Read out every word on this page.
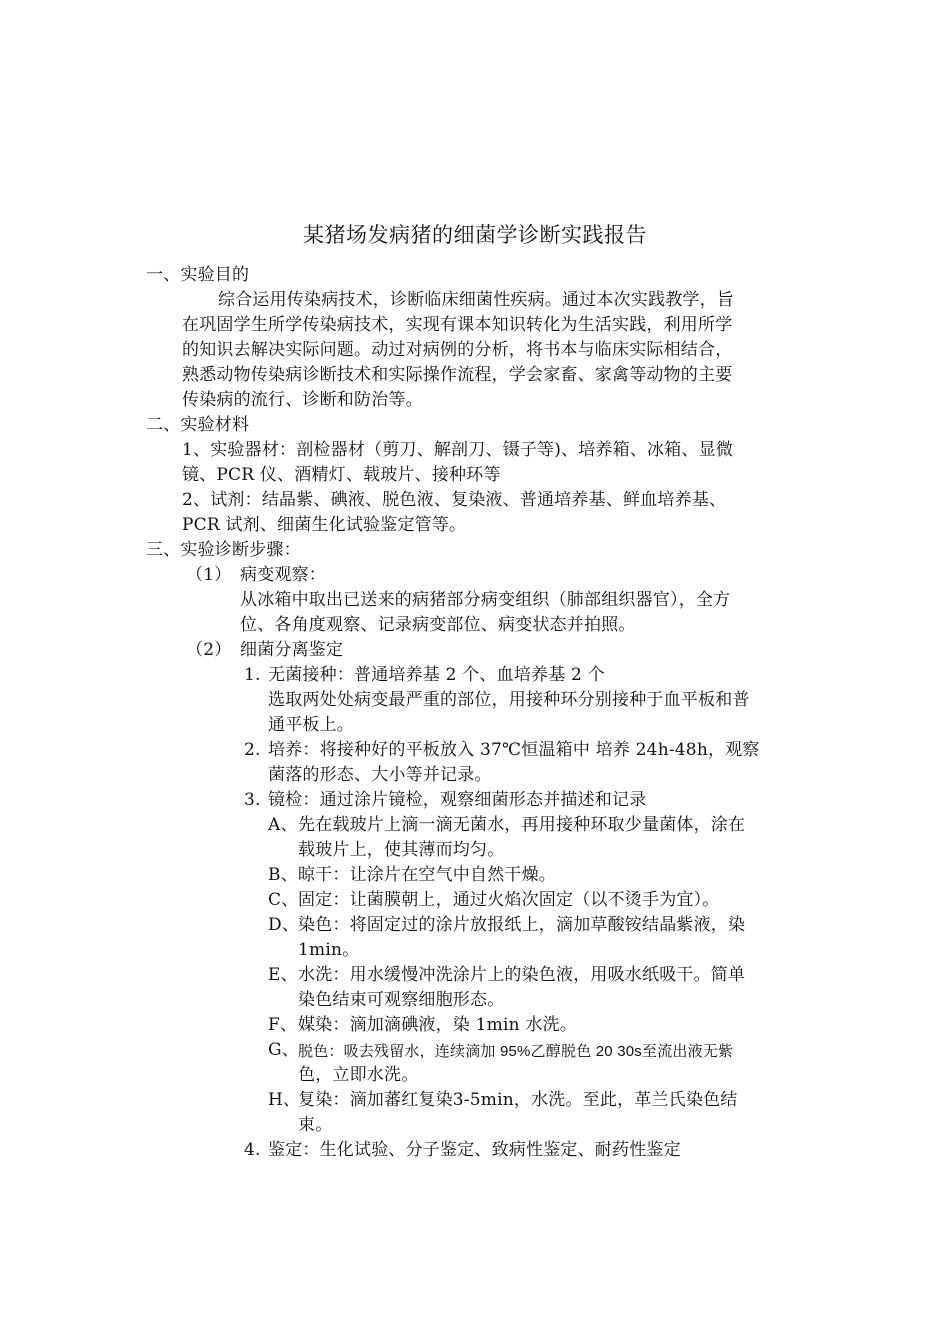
某猪场发病猪的细菌学诊断实践报告
一、实验目的
综合运用传染病技术，诊断临床细菌性疾病。通过本次实践教学，旨
在巩固学生所学传染病技术，实现有课本知识转化为生活实践，利用所学
的知识去解决实际问题。动过对病例的分析，将书本与临床实际相结合，
熟悉动物传染病诊断技术和实际操作流程，学会家畜、家禽等动物的主要
传染病的流行、诊断和防治等。
二、实验材料
1、实验器材：剖检器材（剪刀、解剖刀、镊子等)、培养箱、冰箱、显微
镜、PCR 仪、酒精灯、载玻片、接种环等
2、试剂：结晶紫、碘液、脱色液、复染液、普通培养基、鲜血培养基、
PCR 试剂、细菌生化试验鉴定管等。
三、实验诊断步骤：
（1） 病变观察：
从冰箱中取出已送来的病猪部分病变组织（肺部组织器官），全方
位、各角度观察、记录病变部位、病变状态并拍照。
（2） 细菌分离鉴定
1. 无菌接种：普通培养基 2 个、血培养基 2 个
选取两处处病变最严重的部位，用接种环分别接种于血平板和普
通平板上。
2. 培养：将接种好的平板放入 37℃恒温箱中 培养 24h-48h，观察
菌落的形态、大小等并记录。
3. 镜检：通过涂片镜检，观察细菌形态并描述和记录
A、 先在载玻片上滴一滴无菌水，再用接种环取少量菌体，涂在
载玻片上，使其薄而均匀。
B、 晾干：让涂片在空气中自然干燥。
C、 固定：让菌膜朝上，通过火焰次固定（以不烫手为宜）。
D、
染色：将固定过的涂片放报纸上，滴加草酸铵结晶紫液，染
1min。
E、 水洗：用水缓慢冲洗涂片上的染色液，用吸水纸吸干。简单
染色结束可观察细胞形态。
F、 媒染：滴加滴碘液，染 1min 水洗。
G、 脱色：吸去残留水，连续滴加 95%乙醇脱色 20 30s至流出液无紫
色，立即水洗。
H、
复染：滴加蕃红复染3-5min，水洗。至此，革兰氏染色结
束。
4. 鉴定：生化试验、分子鉴定、致病性鉴定、耐药性鉴定
